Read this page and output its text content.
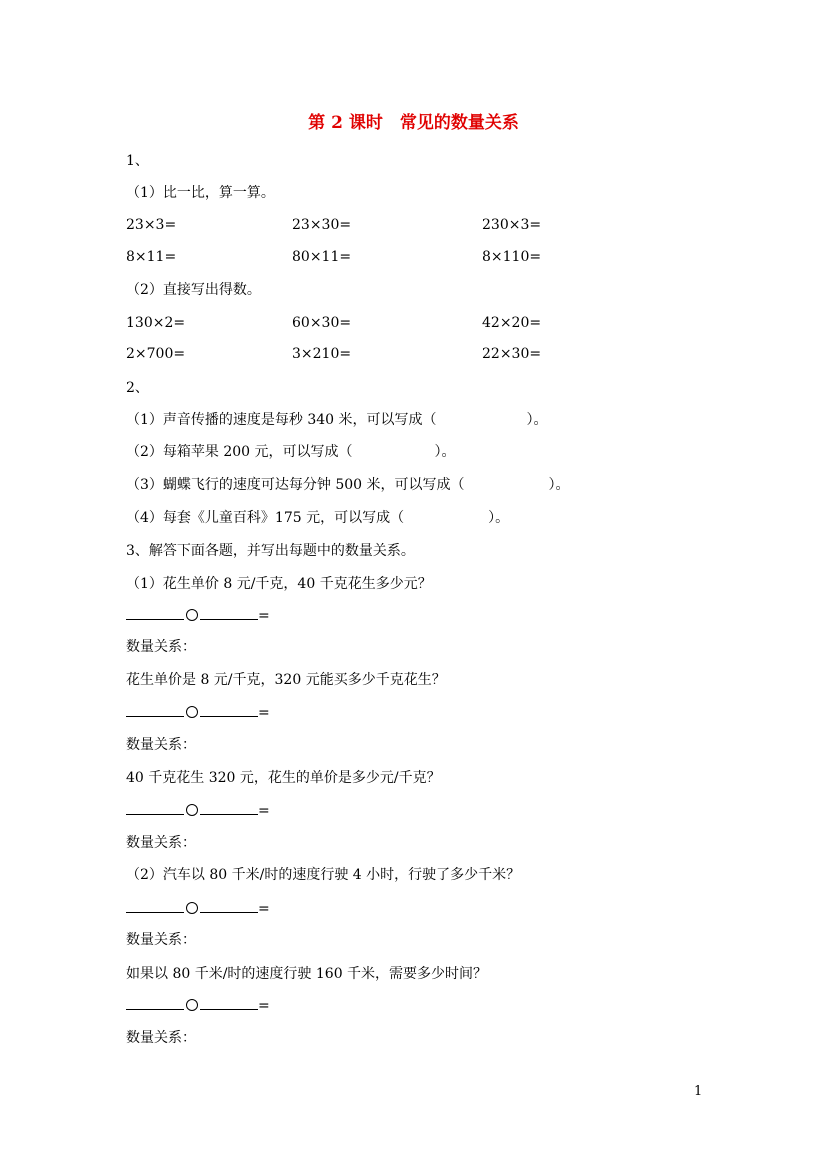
第 2 课时　常见的数量关系
1、
（1）比一比，算一算。
23×3=	23×30=	230×3=
8×11=	80×11=	8×110=
（2）直接写出得数。
130×2=	60×30=	42×20=
2×700=	3×210=	22×30=
2、
（1）声音传播的速度是每秒 340 米，可以写成（	）。
（2）每箱苹果 200 元，可以写成（	）。
（3）蝴蝶飞行的速度可达每分钟 500 米，可以写成（	）。
（4）每套《儿童百科》175 元，可以写成（	）。
3、解答下面各题，并写出每题中的数量关系。
（1）花生单价 8 元/千克，40 千克花生多少元？
=
数量关系：
花生单价是 8 元/千克，320 元能买多少千克花生？
=
数量关系：
40 千克花生 320 元，花生的单价是多少元/千克？
=
数量关系：
（2）汽车以 80 千米/时的速度行驶 4 小时，行驶了多少千米？
=
数量关系：
如果以 80 千米/时的速度行驶 160 千米，需要多少时间？
=
数量关系：
1
